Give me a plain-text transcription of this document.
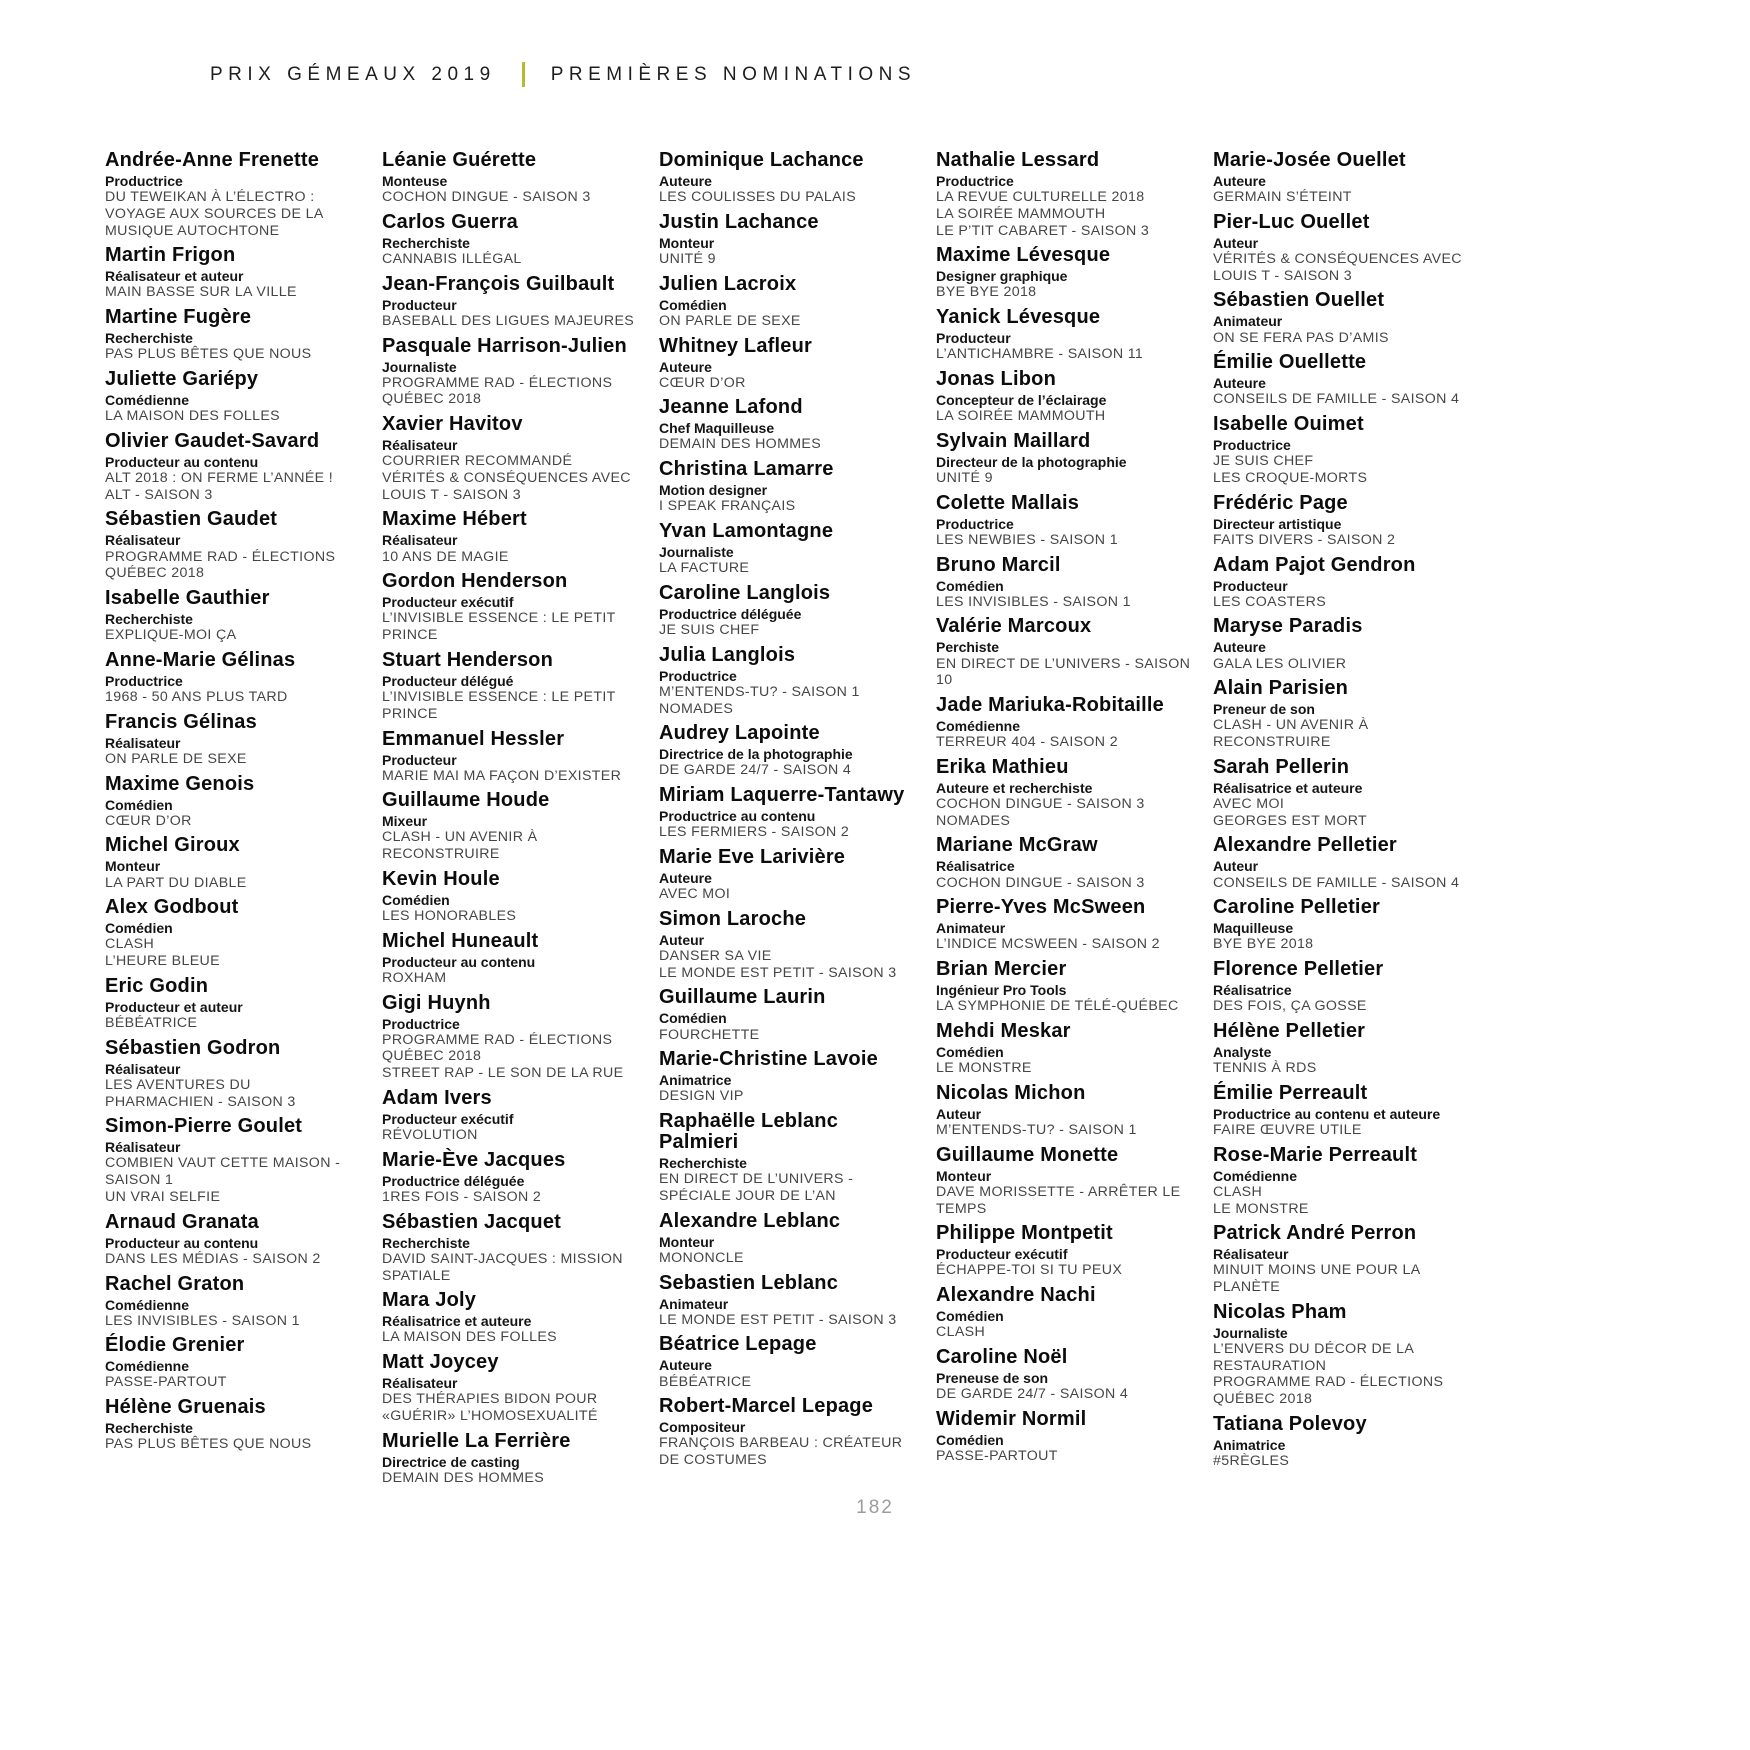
PRIX GÉMEAUX 2019	PREMIÈRES NOMINATIONS
Andrée-Anne Frenette
Productrice
DU TEWEIKAN À L’ÉLECTRO : VOYAGE AUX SOURCES DE LA MUSIQUE AUTOCHTONE
Martin Frigon
Réalisateur et auteur
MAIN BASSE SUR LA VILLE
Martine Fugère
Recherchiste
PAS PLUS BÊTES QUE NOUS
Juliette Gariépy
Comédienne
LA MAISON DES FOLLES
Olivier Gaudet-Savard
Producteur au contenu
ALT 2018 : ON FERME L’ANNÉE !
ALT - SAISON 3
Sébastien Gaudet
Réalisateur
PROGRAMME RAD - ÉLECTIONS QUÉBEC 2018
Isabelle Gauthier
Recherchiste
EXPLIQUE-MOI ÇA
Anne-Marie Gélinas
Productrice
1968 - 50 ANS PLUS TARD
Francis Gélinas
Réalisateur
ON PARLE DE SEXE
Maxime Genois
Comédien
CŒUR D’OR
Michel Giroux
Monteur
LA PART DU DIABLE
Alex Godbout
Comédien
CLASH
L’HEURE BLEUE
Eric Godin
Producteur et auteur
BÉBÉATRICE
Sébastien Godron
Réalisateur
LES AVENTURES DU PHARMACHIEN - SAISON 3
Simon-Pierre Goulet
Réalisateur
COMBIEN VAUT CETTE MAISON - SAISON 1
UN VRAI SELFIE
Arnaud Granata
Producteur au contenu
DANS LES MÉDIAS - SAISON 2
Rachel Graton
Comédienne
LES INVISIBLES - SAISON 1
Élodie Grenier
Comédienne
PASSE-PARTOUT
Hélène Gruenais
Recherchiste
PAS PLUS BÊTES QUE NOUS
Léanie Guérette
Monteuse
COCHON DINGUE - SAISON 3
Carlos Guerra
Recherchiste
CANNABIS ILLÉGAL
Jean-François Guilbault
Producteur
BASEBALL DES LIGUES MAJEURES
Pasquale Harrison-Julien
Journaliste
PROGRAMME RAD - ÉLECTIONS QUÉBEC 2018
Xavier Havitov
Réalisateur
COURRIER RECOMMANDÉ
VÉRITÉS & CONSÉQUENCES AVEC LOUIS T - SAISON 3
Maxime Hébert
Réalisateur
10 ANS DE MAGIE
Gordon Henderson
Producteur exécutif
L’INVISIBLE ESSENCE : LE PETIT PRINCE
Stuart Henderson
Producteur délégué
L’INVISIBLE ESSENCE : LE PETIT PRINCE
Emmanuel Hessler
Producteur
MARIE MAI MA FAÇON D’EXISTER
Guillaume Houde
Mixeur
CLASH - UN AVENIR À RECONSTRUIRE
Kevin Houle
Comédien
LES HONORABLES
Michel Huneault
Producteur au contenu
ROXHAM
Gigi Huynh
Productrice
PROGRAMME RAD - ÉLECTIONS QUÉBEC 2018
STREET RAP - LE SON DE LA RUE
Adam Ivers
Producteur exécutif
RÉVOLUTION
Marie-Ève Jacques
Productrice déléguée
1RES FOIS - SAISON 2
Sébastien Jacquet
Recherchiste
DAVID SAINT-JACQUES : MISSION SPATIALE
Mara Joly
Réalisatrice et auteure
LA MAISON DES FOLLES
Matt Joycey
Réalisateur
DES THÉRAPIES BIDON POUR «GUÉRIR» L’HOMOSEXUALITÉ
Murielle La Ferrière
Directrice de casting
DEMAIN DES HOMMES
Dominique Lachance
Auteure
LES COULISSES DU PALAIS
Justin Lachance
Monteur
UNITÉ 9
Julien Lacroix
Comédien
ON PARLE DE SEXE
Whitney Lafleur
Auteure
CŒUR D’OR
Jeanne Lafond
Chef Maquilleuse
DEMAIN DES HOMMES
Christina Lamarre
Motion designer
I SPEAK FRANÇAIS
Yvan Lamontagne
Journaliste
LA FACTURE
Caroline Langlois
Productrice déléguée
JE SUIS CHEF
Julia Langlois
Productrice
M’ENTENDS-TU? - SAISON 1
NOMADES
Audrey Lapointe
Directrice de la photographie
DE GARDE 24/7 - SAISON 4
Miriam Laquerre-Tantawy
Productrice au contenu
LES FERMIERS - SAISON 2
Marie Eve Larivière
Auteure
AVEC MOI
Simon Laroche
Auteur
DANSER SA VIE
LE MONDE EST PETIT - SAISON 3
Guillaume Laurin
Comédien
FOURCHETTE
Marie-Christine Lavoie
Animatrice
DESIGN VIP
Raphaëlle Leblanc Palmieri
Recherchiste
EN DIRECT DE L’UNIVERS - SPÉCIALE JOUR DE L’AN
Alexandre Leblanc
Monteur
MONONCLE
Sebastien Leblanc
Animateur
LE MONDE EST PETIT - SAISON 3
Béatrice Lepage
Auteure
BÉBÉATRICE
Robert-Marcel Lepage
Compositeur
FRANÇOIS BARBEAU : CRÉATEUR DE COSTUMES
Nathalie Lessard
Productrice
LA REVUE CULTURELLE 2018
LA SOIRÉE MAMMOUTH
LE P’TIT CABARET - SAISON 3
Maxime Lévesque
Designer graphique
BYE BYE 2018
Yanick Lévesque
Producteur
L’ANTICHAMBRE - SAISON 11
Jonas Libon
Concepteur de l’éclairage
LA SOIRÉE MAMMOUTH
Sylvain Maillard
Directeur de la photographie
UNITÉ 9
Colette Mallais
Productrice
LES NEWBIES - SAISON 1
Bruno Marcil
Comédien
LES INVISIBLES - SAISON 1
Valérie Marcoux
Perchiste
EN DIRECT DE L’UNIVERS - SAISON 10
Jade Mariuka-Robitaille
Comédienne
TERREUR 404 - SAISON 2
Erika Mathieu
Auteure et recherchiste
COCHON DINGUE - SAISON 3
NOMADES
Mariane McGraw
Réalisatrice
COCHON DINGUE - SAISON 3
Pierre-Yves McSween
Animateur
L’INDICE MCSWEEN - SAISON 2
Brian Mercier
Ingénieur Pro Tools
LA SYMPHONIE DE TÉLÉ-QUÉBEC
Mehdi Meskar
Comédien
LE MONSTRE
Nicolas Michon
Auteur
M’ENTENDS-TU? - SAISON 1
Guillaume Monette
Monteur
DAVE MORISSETTE - ARRÊTER LE TEMPS
Philippe Montpetit
Producteur exécutif
ÉCHAPPE-TOI SI TU PEUX
Alexandre Nachi
Comédien
CLASH
Caroline Noël
Preneuse de son
DE GARDE 24/7 - SAISON 4
Widemir Normil
Comédien
PASSE-PARTOUT
Marie-Josée Ouellet
Auteure
GERMAIN S’ÉTEINT
Pier-Luc Ouellet
Auteur
VÉRITÉS & CONSÉQUENCES AVEC LOUIS T - SAISON 3
Sébastien Ouellet
Animateur
ON SE FERA PAS D’AMIS
Émilie Ouellette
Auteure
CONSEILS DE FAMILLE - SAISON 4
Isabelle Ouimet
Productrice
JE SUIS CHEF
LES CROQUE-MORTS
Frédéric Page
Directeur artistique
FAITS DIVERS - SAISON 2
Adam Pajot Gendron
Producteur
LES COASTERS
Maryse Paradis
Auteure
GALA LES OLIVIER
Alain Parisien
Preneur de son
CLASH - UN AVENIR À RECONSTRUIRE
Sarah Pellerin
Réalisatrice et auteure
AVEC MOI
GEORGES EST MORT
Alexandre Pelletier
Auteur
CONSEILS DE FAMILLE - SAISON 4
Caroline Pelletier
Maquilleuse
BYE BYE 2018
Florence Pelletier
Réalisatrice
DES FOIS, ÇA GOSSE
Hélène Pelletier
Analyste
TENNIS À RDS
Émilie Perreault
Productrice au contenu et auteure
FAIRE ŒUVRE UTILE
Rose-Marie Perreault
Comédienne
CLASH
LE MONSTRE
Patrick André Perron
Réalisateur
MINUIT MOINS UNE POUR LA PLANÈTE
Nicolas Pham
Journaliste
L’ENVERS DU DÉCOR DE LA RESTAURATION
PROGRAMME RAD - ÉLECTIONS QUÉBEC 2018
Tatiana Polevoy
Animatrice
#5RÈGLES
182
